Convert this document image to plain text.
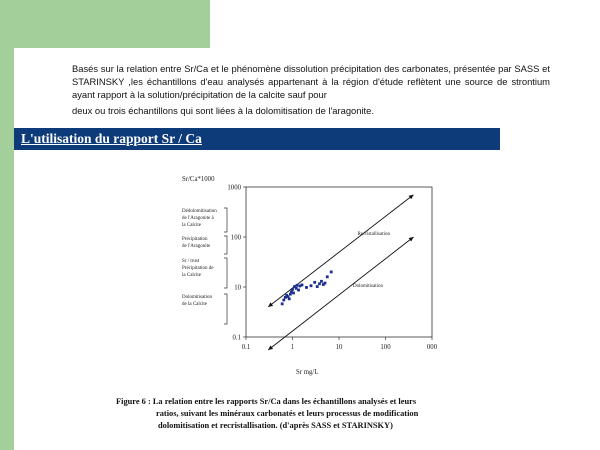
Basés sur la relation entre Sr/Ca et le phénomène dissolution précipitation des carbonates, présentée par SASS et STARINSKY ,les échantillons d'eau analysés appartenant à la région d'étude reflètent une source de strontium ayant rapport à la solution/précipitation de la calcite sauf pour
deux ou trois échantillons qui sont liées à la dolomitisation de l'aragonite.
L'utilisation du rapport Sr / Ca
Sr/Ca*1000
Sr mg/L
1000
100
10
0.1
0.1	1	10	100	000
Dédolomitisation
de l'Aragonite à
la Calcite
Précipitation
de l'Aragonite
Sr / trust
Précipitation de
la Calcite
Dolomitisation
de la Calcite
Recristallisation
Dolomitisation
Figure 6 : La relation entre les rapports Sr/Ca dans les échantillons analysés et leurs
ratios, suivant les minéraux carbonatés et leurs processus de modification
dolomitisation et recristallisation. (d'après SASS et STARINSKY)
